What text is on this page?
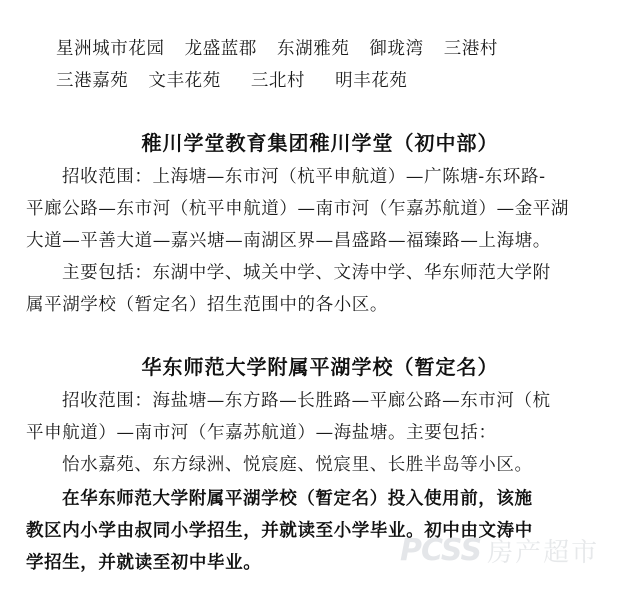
星洲城市花园 龙盛蓝郡 东湖雅苑 御珑湾 三港村
三港嘉苑 文丰花苑 三北村 明丰花苑
稚川学堂教育集团稚川学堂（初中部）
招收范围：上海塘—东市河（杭平申航道）—广陈塘-东环路-
平廊公路—东市河（杭平申航道）—南市河（乍嘉苏航道）—金平湖
大道—平善大道—嘉兴塘—南湖区界—昌盛路—福臻路—上海塘。
主要包括：东湖中学、城关中学、文涛中学、华东师范大学附
属平湖学校（暂定名）招生范围中的各小区。
华东师范大学附属平湖学校（暂定名）
招收范围：海盐塘—东方路—长胜路—平廊公路—东市河（杭
平申航道）—南市河（乍嘉苏航道）—海盐塘。主要包括：
怡水嘉苑、东方绿洲、悦宸庭、悦宸里、长胜半岛等小区。
在华东师范大学附属平湖学校（暂定名）投入使用前，该施
教区内小学由叔同小学招生，并就读至小学毕业。初中由文涛中
学招生，并就读至初中毕业。	PCSS 房产超市
